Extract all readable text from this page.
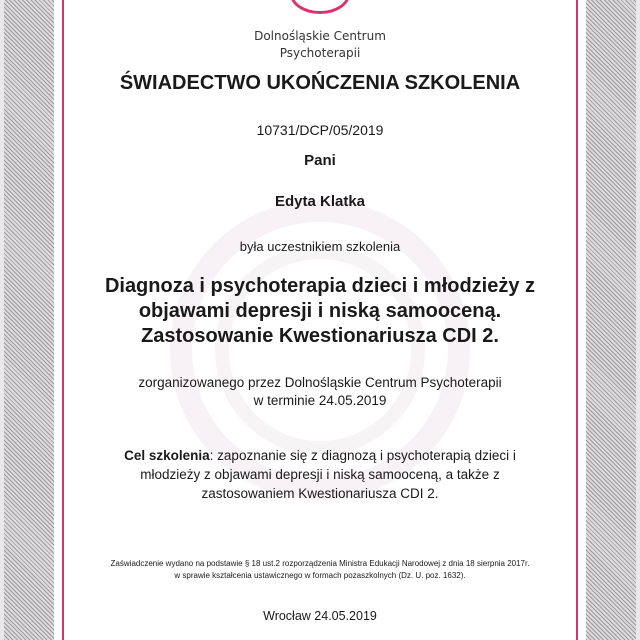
Dolnośląskie Centrum
Psychoterapii
ŚWIADECTWO UKOŃCZENIA SZKOLENIA
10731/DCP/05/2019
Pani
Edyta Klatka
była uczestnikiem szkolenia
Diagnoza i psychoterapia dzieci i młodzieży z
objawami depresji i niską samooceną.
Zastosowanie Kwestionariusza CDI 2.
zorganizowanego przez Dolnośląskie Centrum Psychoterapii
w terminie 24.05.2019
Cel szkolenia: zapoznanie się z diagnozą i psychoterapią dzieci i młodzieży z objawami depresji i niską samooceną, a także z zastosowaniem Kwestionariusza CDI 2.
Zaświadczenie wydano na podstawie § 18 ust.2 rozporządzenia Ministra Edukacji Narodowej z dnia 18 sierpnia 2017r.
w sprawie kształcenia ustawicznego w formach pozaszkolnych (Dz. U. poz. 1632).
Wrocław 24.05.2019
